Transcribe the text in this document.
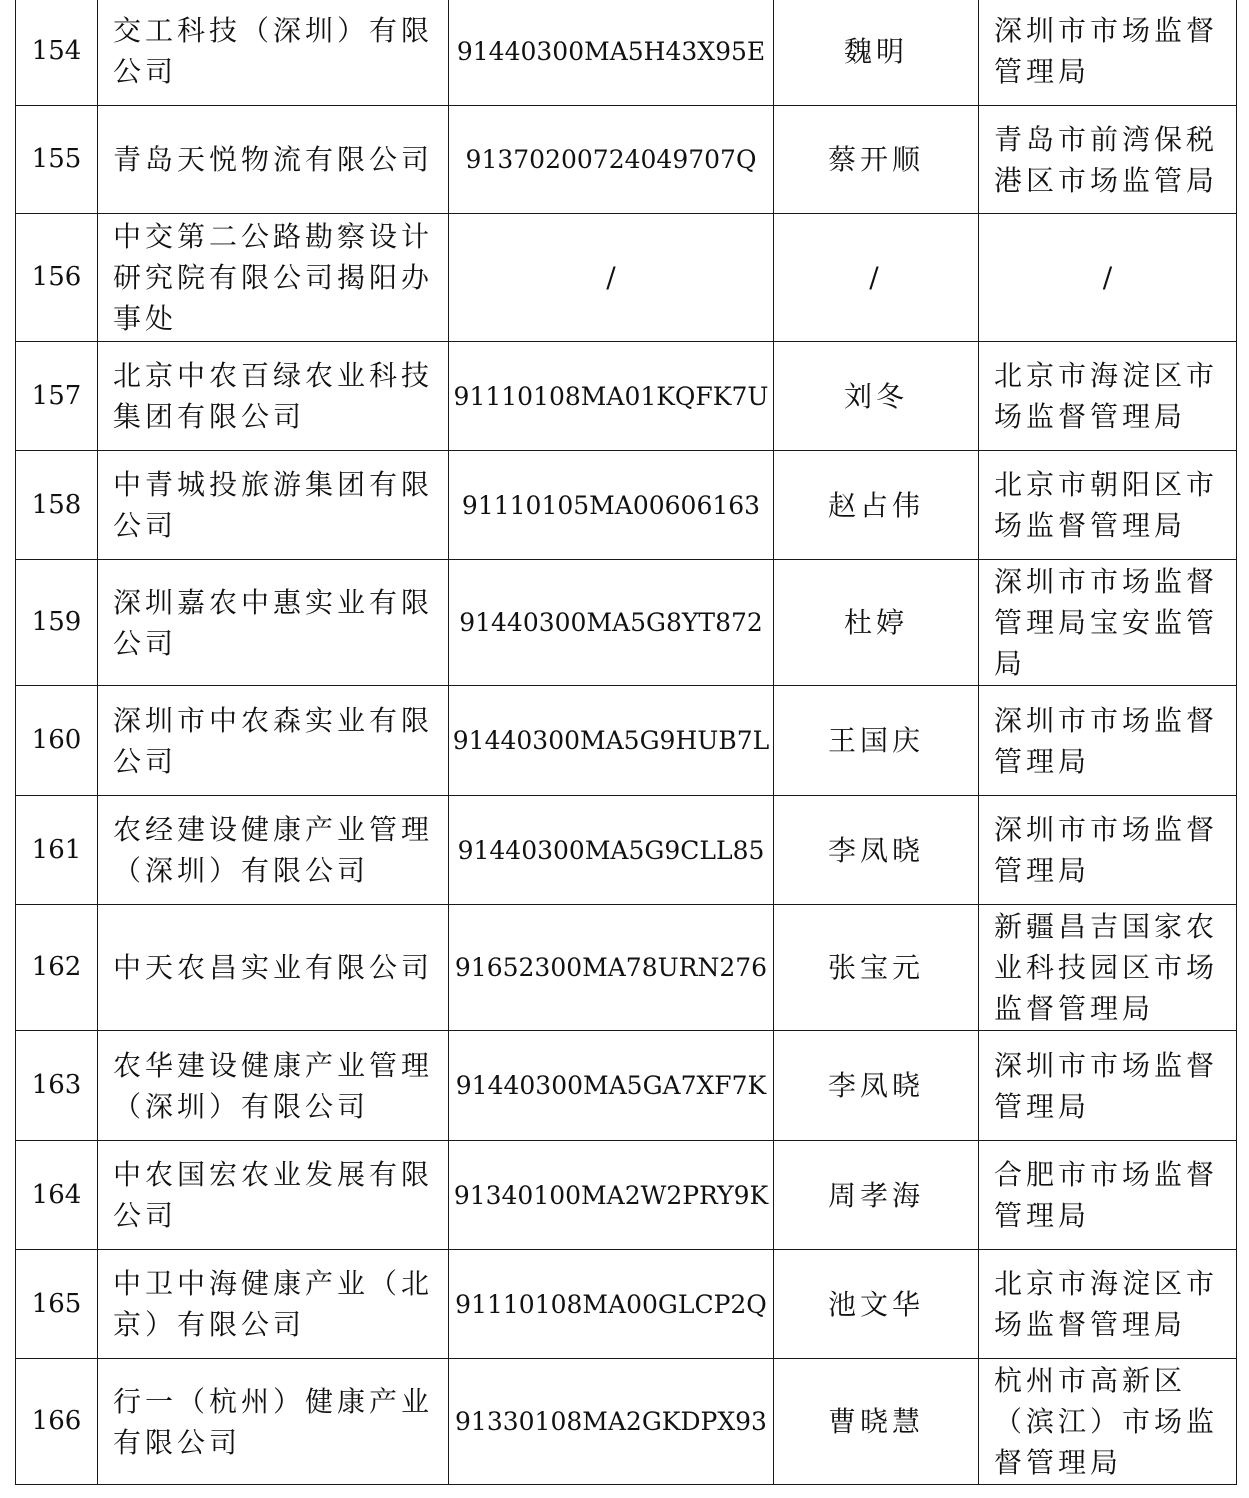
154	交工科技（深圳）有限公司	91440300MA5H43X95E	魏明	深圳市市场监督管理局
155	青岛天悦物流有限公司	91370200724049707Q	蔡开顺	青岛市前湾保税港区市场监管局
156	中交第二公路勘察设计研究院有限公司揭阳办事处	/	/	/
157	北京中农百绿农业科技集团有限公司	91110108MA01KQFK7U	刘冬	北京市海淀区市场监督管理局
158	中青城投旅游集团有限公司	91110105MA00606163	赵占伟	北京市朝阳区市场监督管理局
159	深圳嘉农中惠实业有限公司	91440300MA5G8YT872	杜婷	深圳市市场监督管理局宝安监管局
160	深圳市中农森实业有限公司	91440300MA5G9HUB7L	王国庆	深圳市市场监督管理局
161	农经建设健康产业管理（深圳）有限公司	91440300MA5G9CLL85	李凤晓	深圳市市场监督管理局
162	中天农昌实业有限公司	91652300MA78URN276	张宝元	新疆昌吉国家农业科技园区市场监督管理局
163	农华建设健康产业管理（深圳）有限公司	91440300MA5GA7XF7K	李凤晓	深圳市市场监督管理局
164	中农国宏农业发展有限公司	91340100MA2W2PRY9K	周孝海	合肥市市场监督管理局
165	中卫中海健康产业（北京）有限公司	91110108MA00GLCP2Q	池文华	北京市海淀区市场监督管理局
166	行一（杭州）健康产业有限公司	91330108MA2GKDPX93	曹晓慧	杭州市高新区（滨江）市场监督管理局
